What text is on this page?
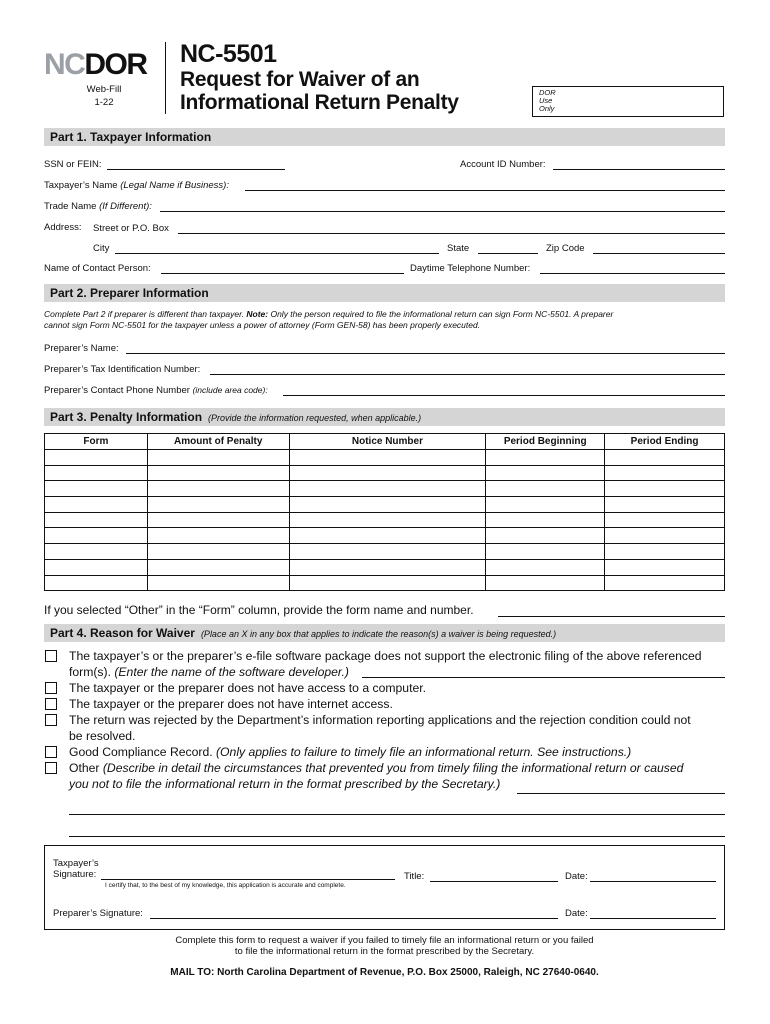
NCDOR
Web-Fill
1-22
NC-5501
Request for Waiver of an
Informational Return Penalty	DOR
Use
Only
Part 1. Taxpayer Information
SSN or FEIN:	Account ID Number:
Taxpayer’s Name (Legal Name if Business):
Trade Name (If Different):
Address: Street or P.O. Box
City	State	Zip Code
Name of Contact Person:	Daytime Telephone Number:
Part 2. Preparer Information
Complete Part 2 if preparer is different than taxpayer. Note: Only the person required to file the informational return can sign Form NC-5501. A preparer
cannot sign Form NC-5501 for the taxpayer unless a power of attorney (Form GEN-58) has been properly executed.
Preparer’s Name:
Preparer’s Tax Identification Number:
Preparer’s Contact Phone Number (include area code):
Part 3. Penalty Information (Provide the information requested, when applicable.)
Form	Amount of Penalty	Notice Number	Period Beginning	Period Ending

If you selected “Other” in the “Form” column, provide the form name and number.
Part 4. Reason for Waiver (Place an X in any box that applies to indicate the reason(s) a waiver is being requested.)
The taxpayer’s or the preparer’s e-file software package does not support the electronic filing of the above referenced
form(s). (Enter the name of the software developer.)
The taxpayer or the preparer does not have access to a computer.
The taxpayer or the preparer does not have internet access.
The return was rejected by the Department’s information reporting applications and the rejection condition could not
be resolved.
Good Compliance Record. (Only applies to failure to timely file an informational return. See instructions.)
Other (Describe in detail the circumstances that prevented you from timely filing the informational return or caused
you not to file the informational return in the format prescribed by the Secretary.)
Taxpayer’s
Signature:
I certify that, to the best of my knowledge, this application is accurate and complete.
Title:	Date:
Preparer’s Signature:	Date:
Complete this form to request a waiver if you failed to timely file an informational return or you failed
to file the informational return in the format prescribed by the Secretary.
MAIL TO: North Carolina Department of Revenue, P.O. Box 25000, Raleigh, NC 27640-0640.
